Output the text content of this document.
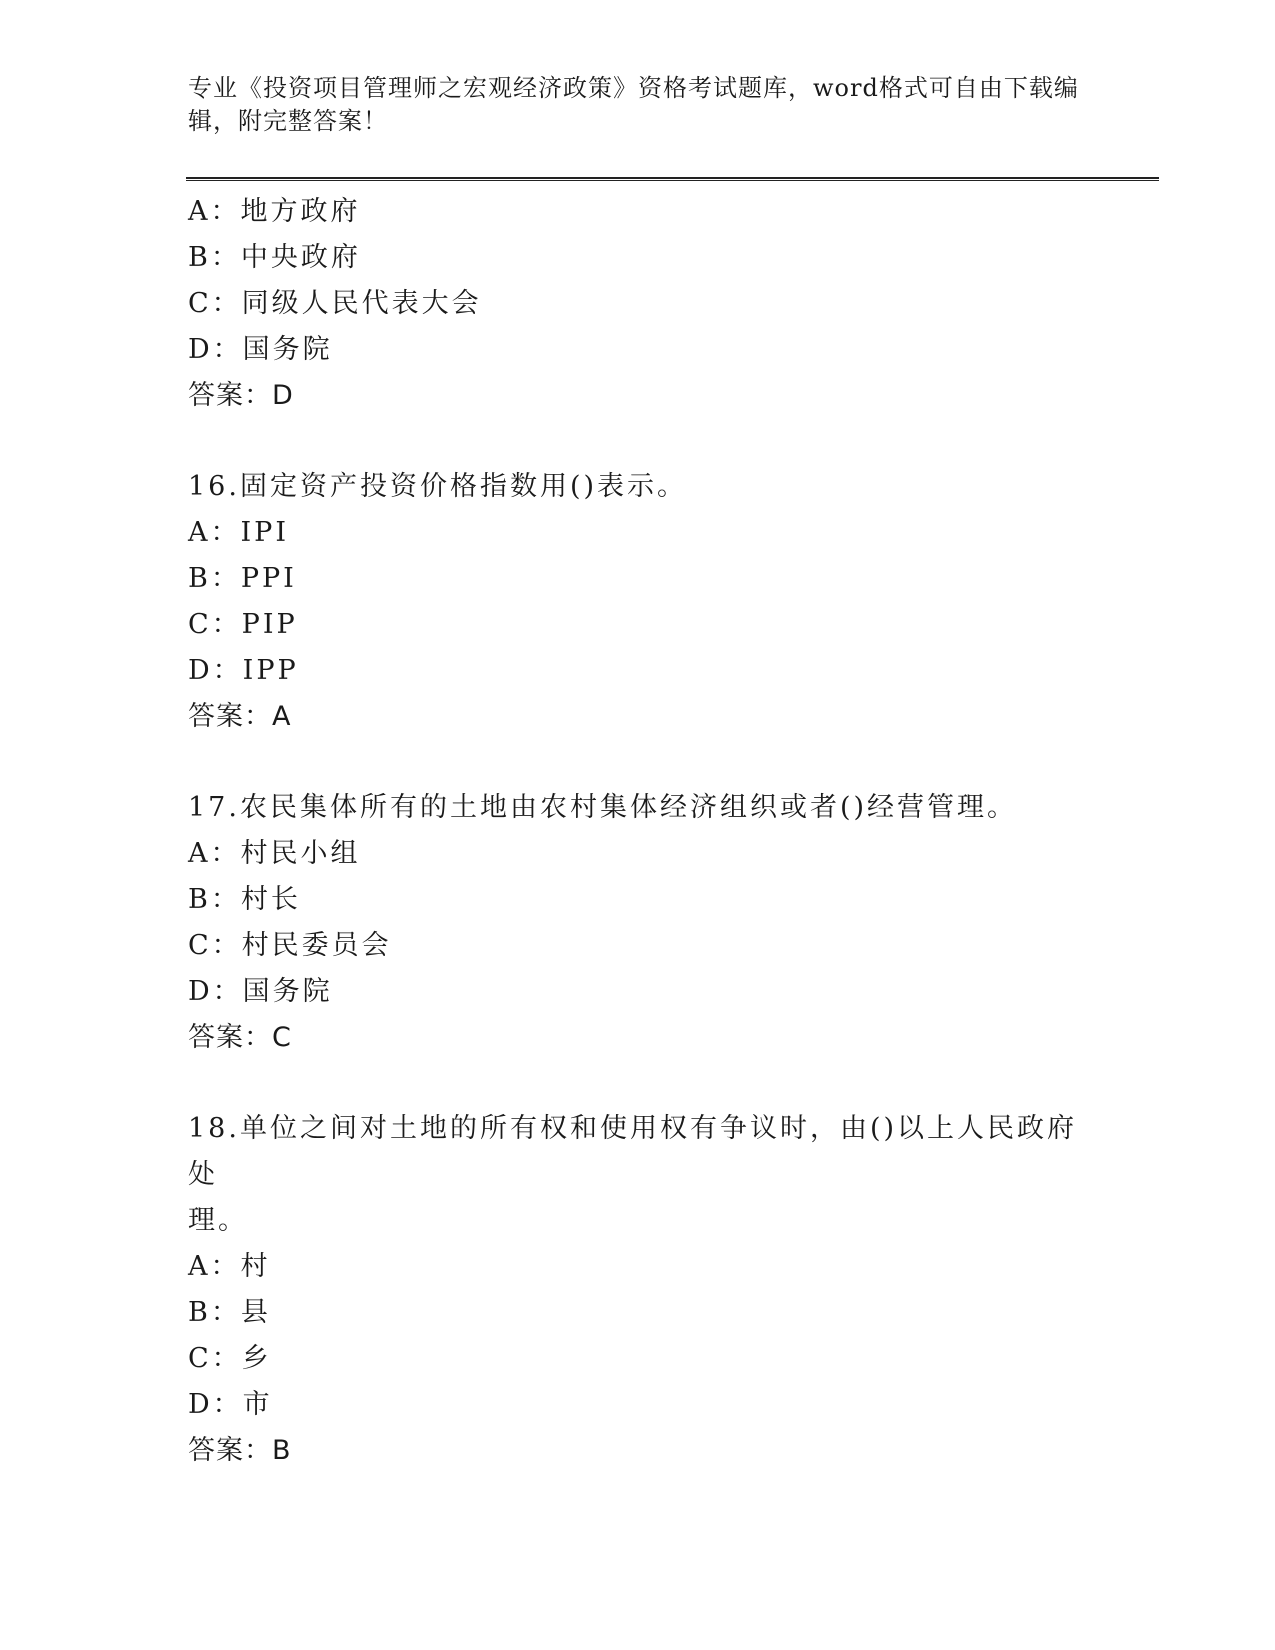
专业《投资项目管理师之宏观经济政策》资格考试题库，word格式可自由下载编辑，附完整答案！
A：地方政府
B：中央政府
C：同级人民代表大会
D：国务院
答案：D
16.固定资产投资价格指数用()表示。
A：IPI
B：PPI
C：PIP
D：IPP
答案：A
17.农民集体所有的土地由农村集体经济组织或者()经营管理。
A：村民小组
B：村长
C：村民委员会
D：国务院
答案：C
18.单位之间对土地的所有权和使用权有争议时，由()以上人民政府处
理。
A：村
B：县
C：乡
D：市
答案：B
